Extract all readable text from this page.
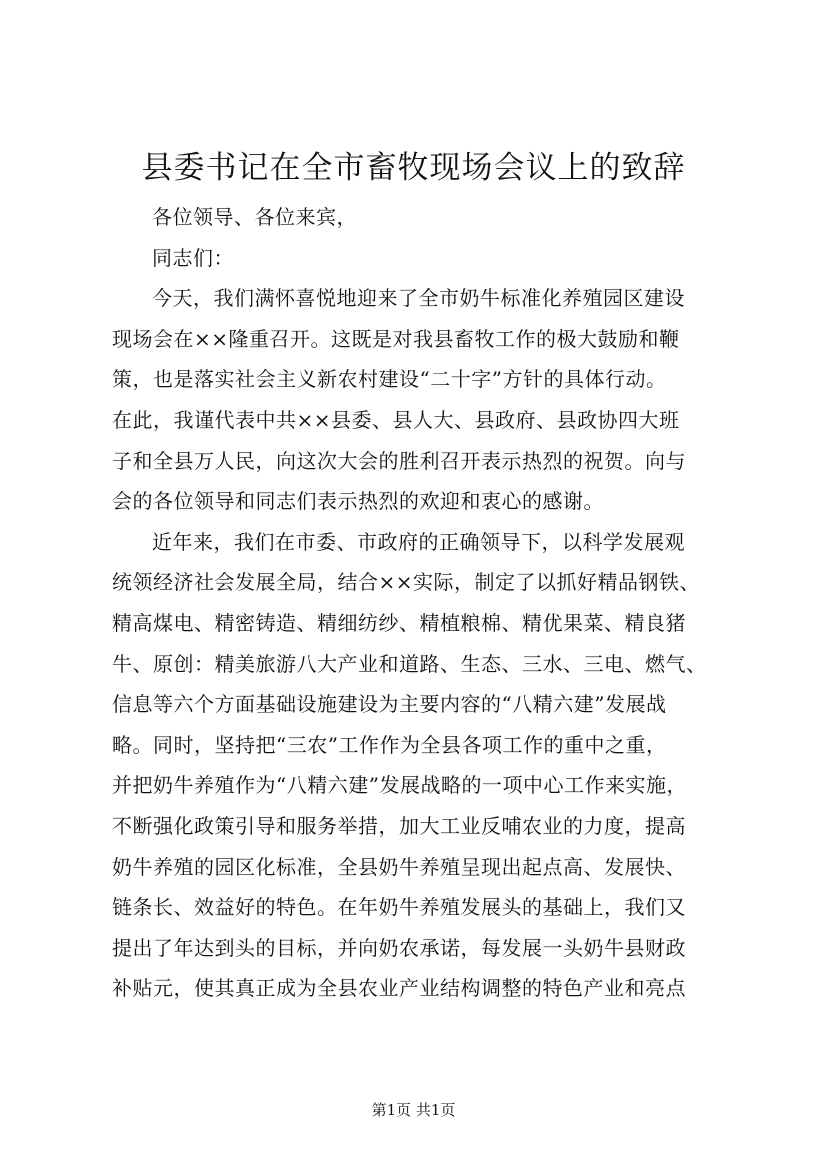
县委书记在全市畜牧现场会议上的致辞
各位领导、各位来宾，
同志们：
今天，我们满怀喜悦地迎来了全市奶牛标准化养殖园区建设
现场会在××隆重召开。这既是对我县畜牧工作的极大鼓励和鞭
策，也是落实社会主义新农村建设“二十字”方针的具体行动。
在此，我谨代表中共××县委、县人大、县政府、县政协四大班
子和全县万人民，向这次大会的胜利召开表示热烈的祝贺。向与
会的各位领导和同志们表示热烈的欢迎和衷心的感谢。
近年来，我们在市委、市政府的正确领导下，以科学发展观
统领经济社会发展全局，结合××实际，制定了以抓好精品钢铁、
精高煤电、精密铸造、精细纺纱、精植粮棉、精优果菜、精良猪
牛、原创：精美旅游八大产业和道路、生态、三水、三电、燃气、
信息等六个方面基础设施建设为主要内容的“八精六建”发展战
略。同时，坚持把“三农”工作作为全县各项工作的重中之重，
并把奶牛养殖作为“八精六建”发展战略的一项中心工作来实施，
不断强化政策引导和服务举措，加大工业反哺农业的力度，提高
奶牛养殖的园区化标准，全县奶牛养殖呈现出起点高、发展快、
链条长、效益好的特色。在年奶牛养殖发展头的基础上，我们又
提出了年达到头的目标，并向奶农承诺，每发展一头奶牛县财政
补贴元，使其真正成为全县农业产业结构调整的特色产业和亮点
第1页 共1页
